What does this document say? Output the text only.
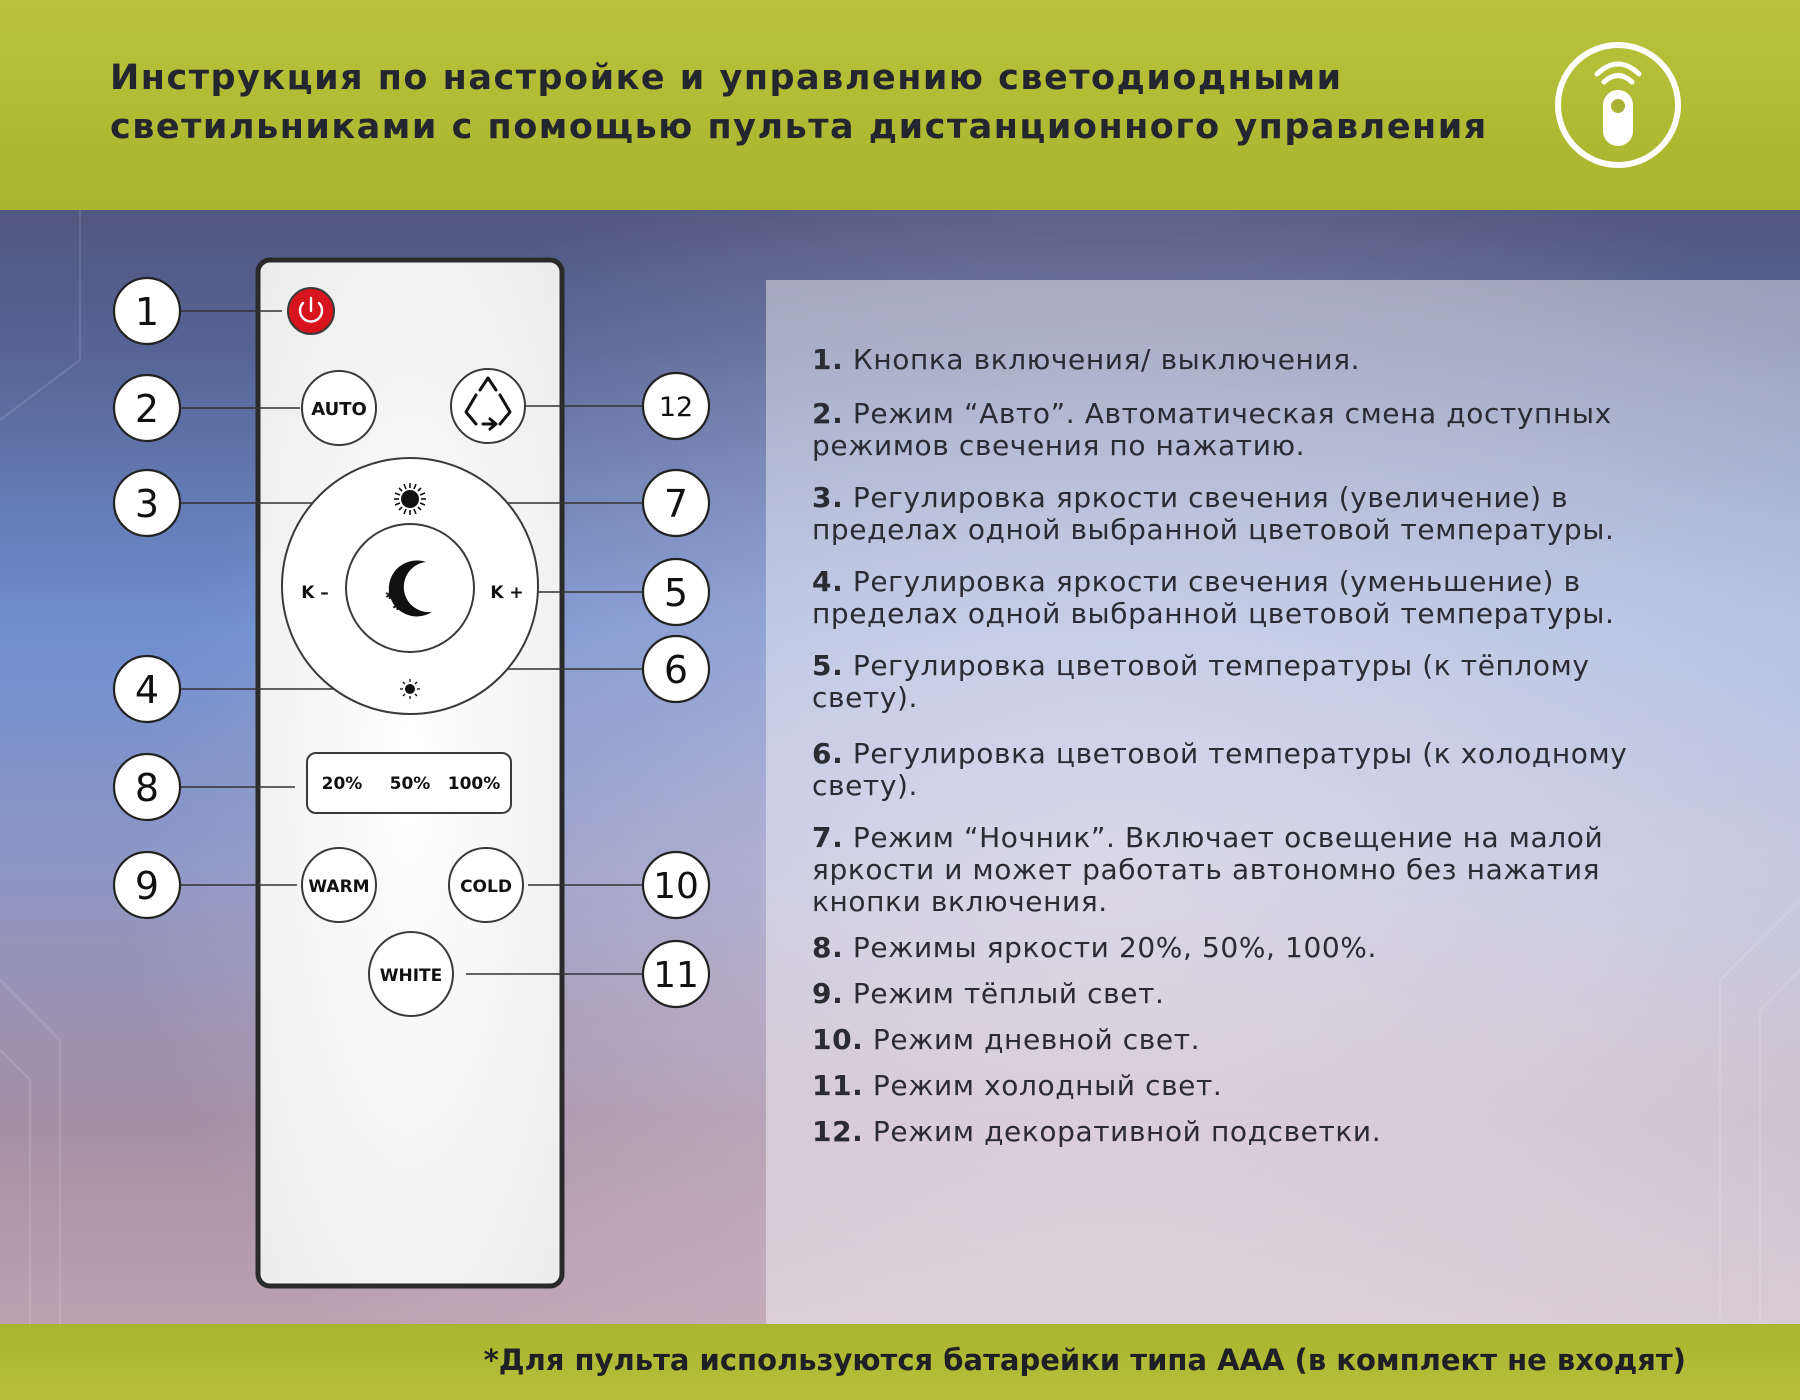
Инструкция по настройке и управлению светодиодными
светильниками с помощью пульта дистанционного управления

1. Кнопка включения/ выключения.

2. Режим “Авто”. Автоматическая смена доступных
режимов свечения по нажатию.

3. Регулировка яркости свечения (увеличение) в
пределах одной выбранной цветовой температуры.

4. Регулировка яркости свечения (уменьшение) в
пределах одной выбранной цветовой температуры.

5. Регулировка цветовой температуры (к тёплому
свету).

6. Регулировка цветовой температуры (к холодному
свету).

7. Режим “Ночник”. Включает освещение на малой
яркости и может работать автономно без нажатия
кнопки включения.

8. Режимы яркости 20%, 50%, 100%.

9. Режим тёплый свет.

10. Режим дневной свет.

11. Режим холодный свет.

12. Режим декоративной подсветки.

AUTO
K –	K +
✱
✱
✱
20% 50% 100%
WARM	COLD
WHITE
1
2
3
4
5
6
7
8
9	10
11
12
*Для пульта используются батарейки типа ААА (в комплект не входят)
